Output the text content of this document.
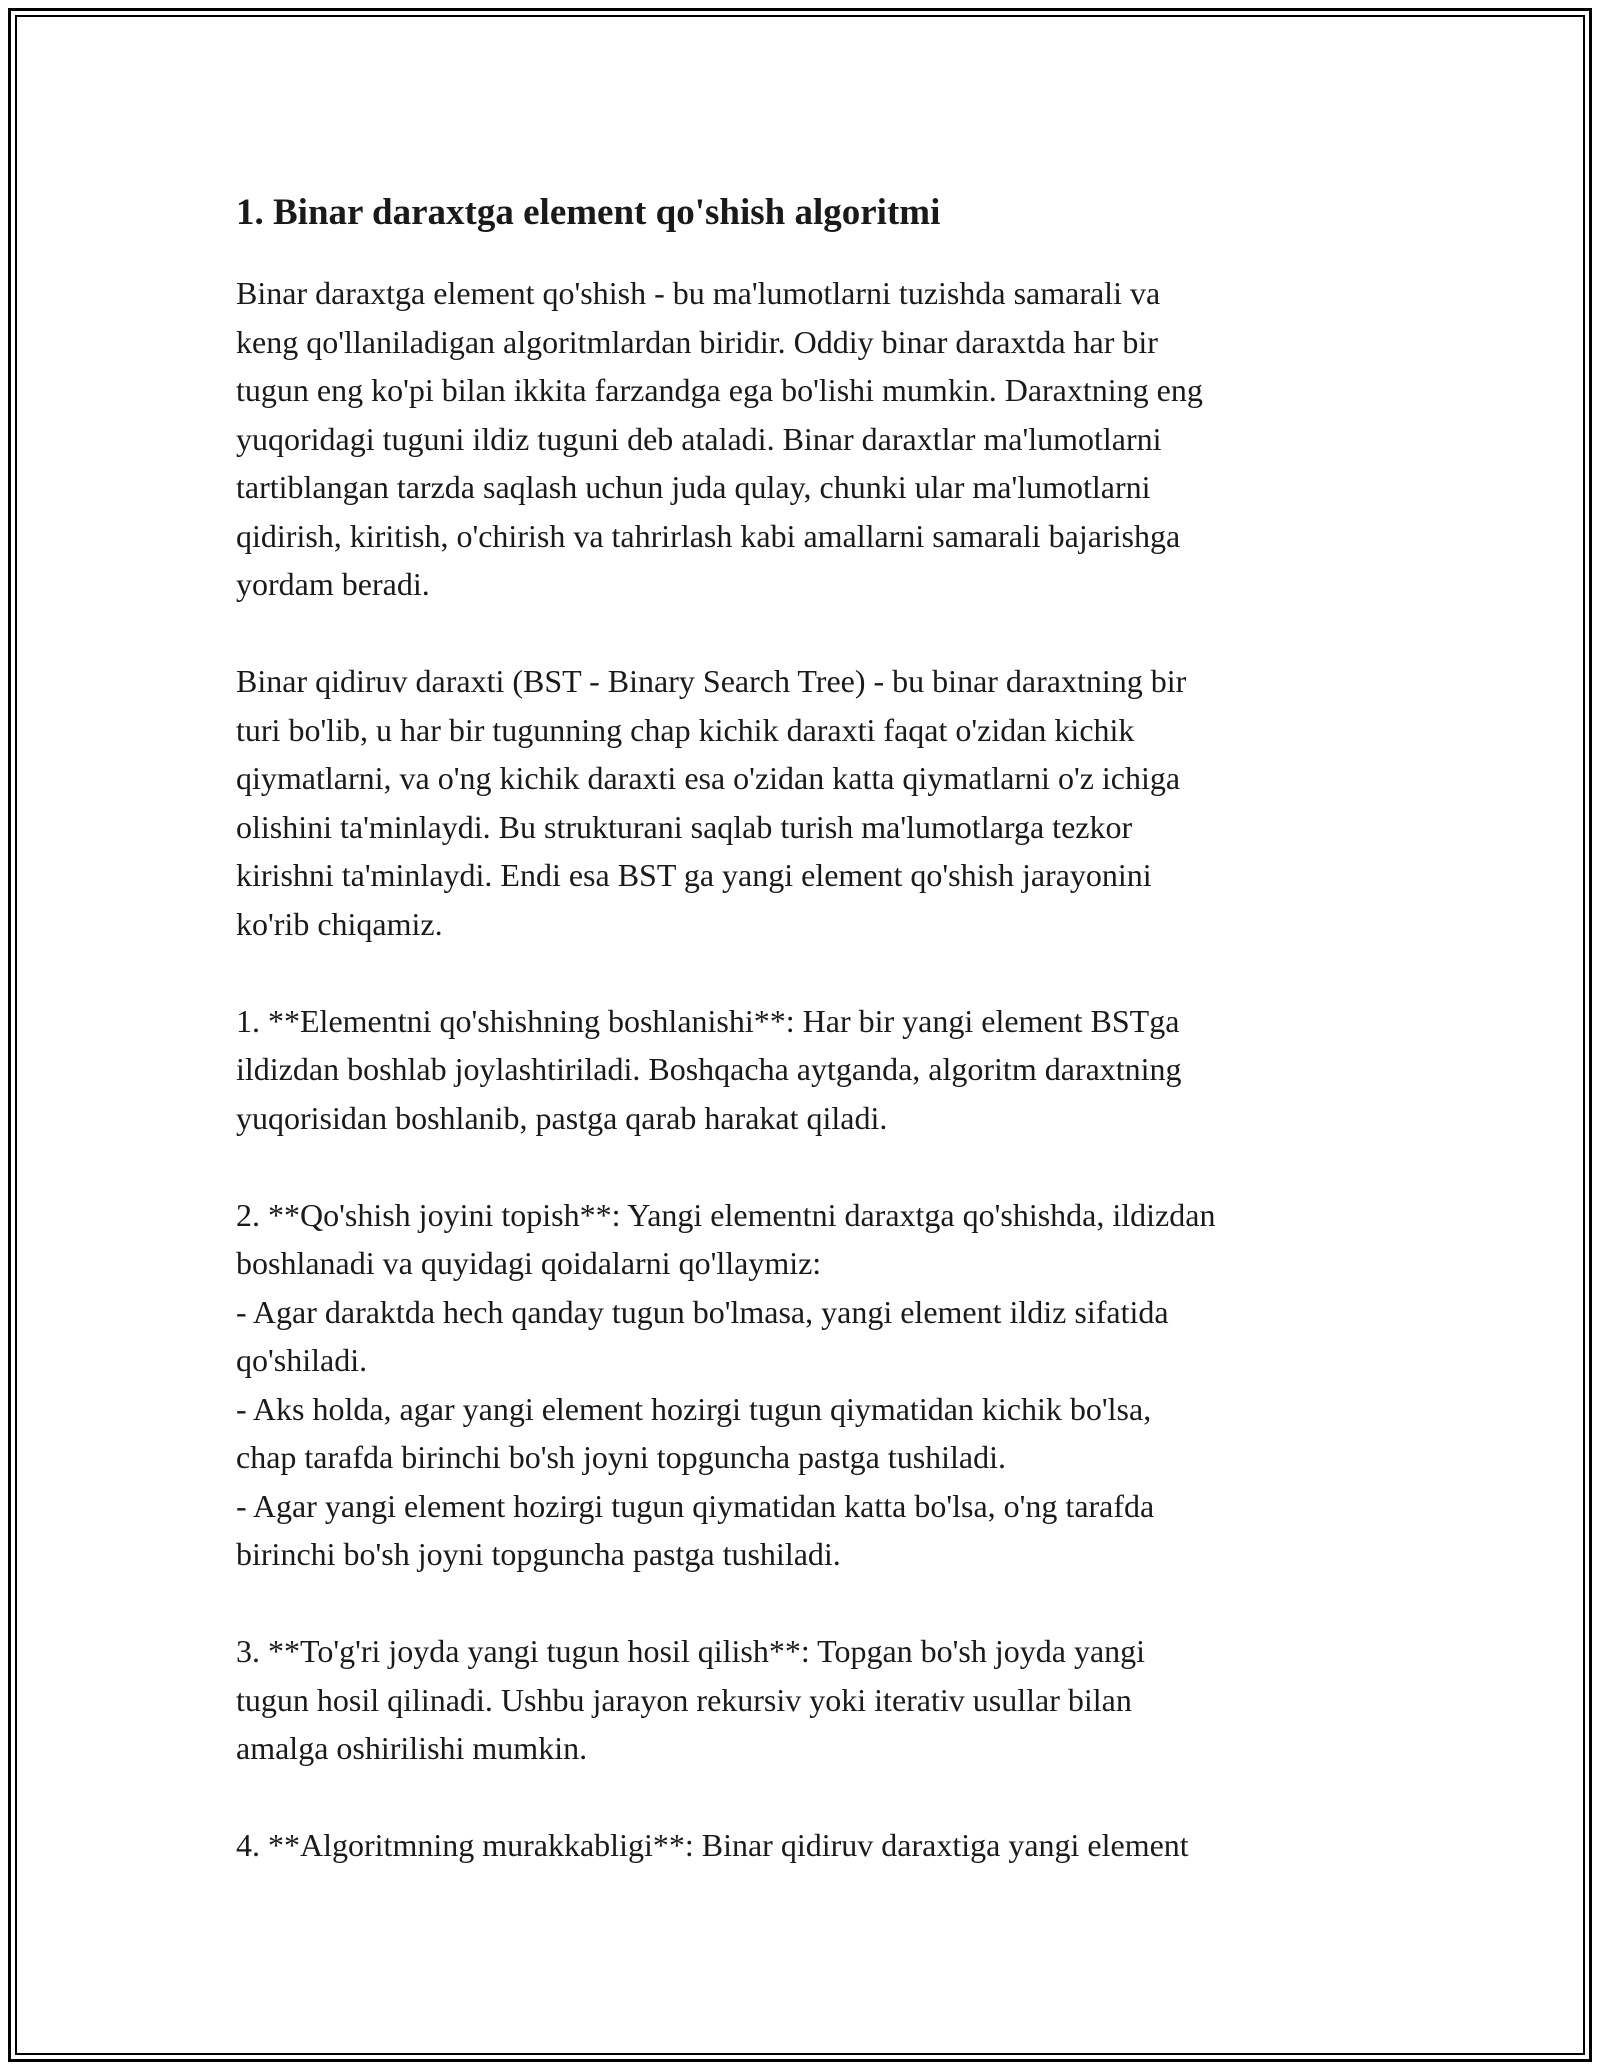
1. Binar daraxtga element qo'shish algoritmi

Binar daraxtga element qo'shish - bu ma'lumotlarni tuzishda samarali va
keng qo'llaniladigan algoritmlardan biridir. Oddiy binar daraxtda har bir
tugun eng ko'pi bilan ikkita farzandga ega bo'lishi mumkin. Daraxtning eng
yuqoridagi tuguni ildiz tuguni deb ataladi. Binar daraxtlar ma'lumotlarni
tartiblangan tarzda saqlash uchun juda qulay, chunki ular ma'lumotlarni
qidirish, kiritish, o'chirish va tahrirlash kabi amallarni samarali bajarishga
yordam beradi.

Binar qidiruv daraxti (BST - Binary Search Tree) - bu binar daraxtning bir
turi bo'lib, u har bir tugunning chap kichik daraxti faqat o'zidan kichik
qiymatlarni, va o'ng kichik daraxti esa o'zidan katta qiymatlarni o'z ichiga
olishini ta'minlaydi. Bu strukturani saqlab turish ma'lumotlarga tezkor
kirishni ta'minlaydi. Endi esa BST ga yangi element qo'shish jarayonini
ko'rib chiqamiz.

1. **Elementni qo'shishning boshlanishi**: Har bir yangi element BSTga
ildizdan boshlab joylashtiriladi. Boshqacha aytganda, algoritm daraxtning
yuqorisidan boshlanib, pastga qarab harakat qiladi.

2. **Qo'shish joyini topish**: Yangi elementni daraxtga qo'shishda, ildizdan
boshlanadi va quyidagi qoidalarni qo'llaymiz:
- Agar daraktda hech qanday tugun bo'lmasa, yangi element ildiz sifatida
qo'shiladi.
- Aks holda, agar yangi element hozirgi tugun qiymatidan kichik bo'lsa,
chap tarafda birinchi bo'sh joyni topguncha pastga tushiladi.
- Agar yangi element hozirgi tugun qiymatidan katta bo'lsa, o'ng tarafda
birinchi bo'sh joyni topguncha pastga tushiladi.

3. **To'g'ri joyda yangi tugun hosil qilish**: Topgan bo'sh joyda yangi
tugun hosil qilinadi. Ushbu jarayon rekursiv yoki iterativ usullar bilan
amalga oshirilishi mumkin.

4. **Algoritmning murakkabligi**: Binar qidiruv daraxtiga yangi element
